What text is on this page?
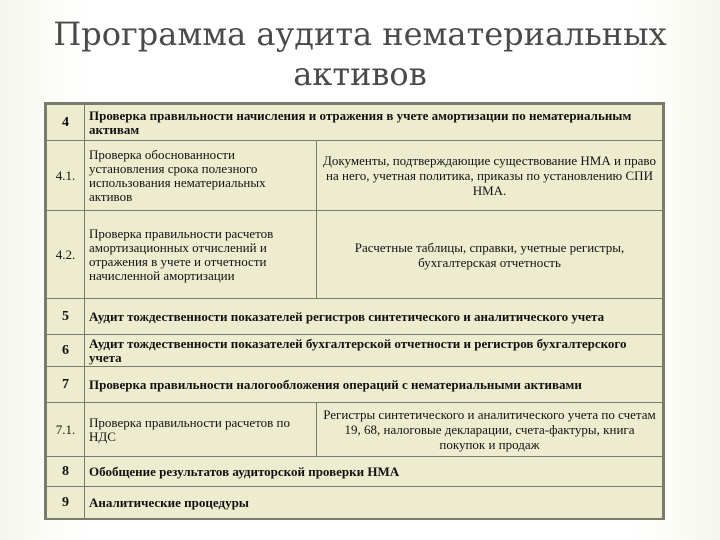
Программа аудита нематериальных активов
4	Проверка правильности начисления и отражения в учете амортизации по нематериальным активам	
4.1.	Проверка обоснованности установления срока полезного использования нематериальных активов	Документы, подтверждающие существование НМА и право на него, учетная политика, приказы по установлению СПИ НМА.
4.2.	Проверка правильности расчетов амортизационных отчислений и отражения в учете и отчетности начисленной амортизации	Расчетные таблицы, справки, учетные регистры, бухгалтерская отчетность
5	Аудит тождественности показателей регистров синтетического и аналитического учета	
6	Аудит тождественности показателей бухгалтерской отчетности и регистров бухгалтерского учета	
7	Проверка правильности налогообложения операций с нематериальными активами	
7.1.	Проверка правильности расчетов по НДС	Регистры синтетического и аналитического учета по счетам 19, 68, налоговые декларации, счета-фактуры, книга покупок и продаж
8	Обобщение результатов аудиторской проверки НМА	
9	Аналитические процедуры	
